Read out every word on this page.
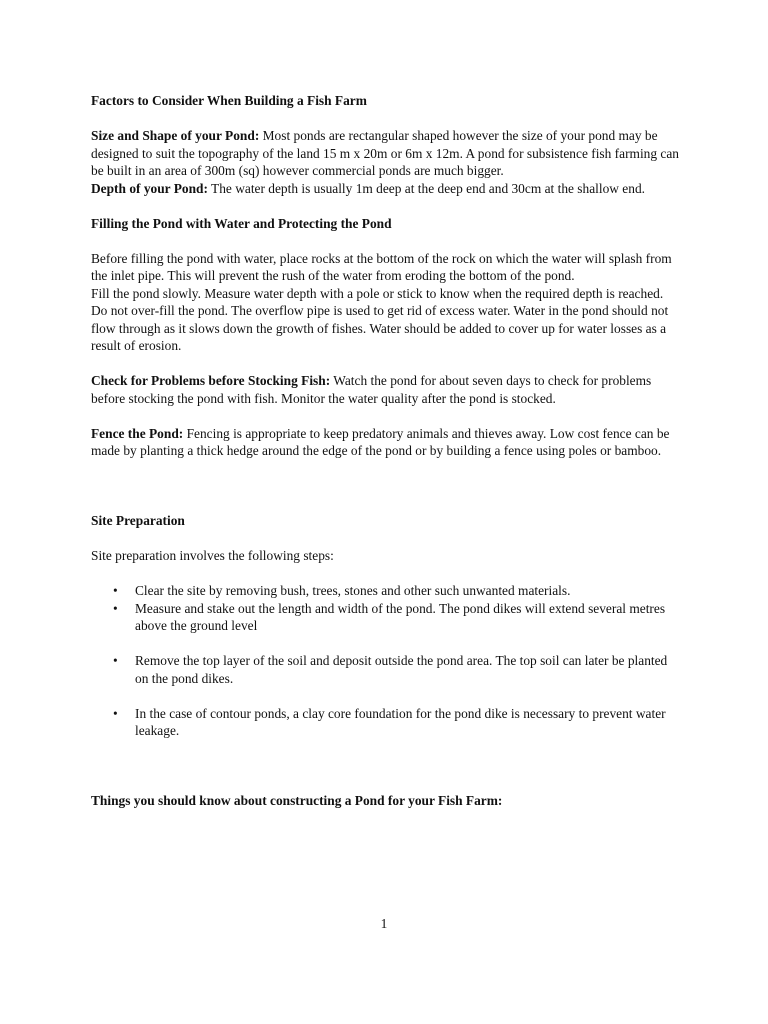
Factors to Consider When Building a Fish Farm

Size and Shape of your Pond: Most ponds are rectangular shaped however the size of your pond may be designed to suit the topography of the land 15 m x 20m or 6m x 12m. A pond for subsistence fish farming can be built in an area of 300m (sq) however commercial ponds are much bigger.

Depth of your Pond: The water depth is usually 1m deep at the deep end and 30cm at the shallow end.

Filling the Pond with Water and Protecting the Pond

Before filling the pond with water, place rocks at the bottom of the rock on which the water will splash from the inlet pipe. This will prevent the rush of the water from eroding the bottom of the pond.

Fill the pond slowly. Measure water depth with a pole or stick to know when the required depth is reached.

Do not over-fill the pond. The overflow pipe is used to get rid of excess water. Water in the pond should not flow through as it slows down the growth of fishes. Water should be added to cover up for water losses as a result of erosion.

Check for Problems before Stocking Fish: Watch the pond for about seven days to check for problems before stocking the pond with fish. Monitor the water quality after the pond is stocked.

Fence the Pond: Fencing is appropriate to keep predatory animals and thieves away. Low cost fence can be made by planting a thick hedge around the edge of the pond or by building a fence using poles or bamboo.

Site Preparation

Site preparation involves the following steps:

• Clear the site by removing bush, trees, stones and other such unwanted materials.
• Measure and stake out the length and width of the pond. The pond dikes will extend several metres above the ground level
• Remove the top layer of the soil and deposit outside the pond area. The top soil can later be planted on the pond dikes.
• In the case of contour ponds, a clay core foundation for the pond dike is necessary to prevent water leakage.

Things you should know about constructing a Pond for your Fish Farm:

1
